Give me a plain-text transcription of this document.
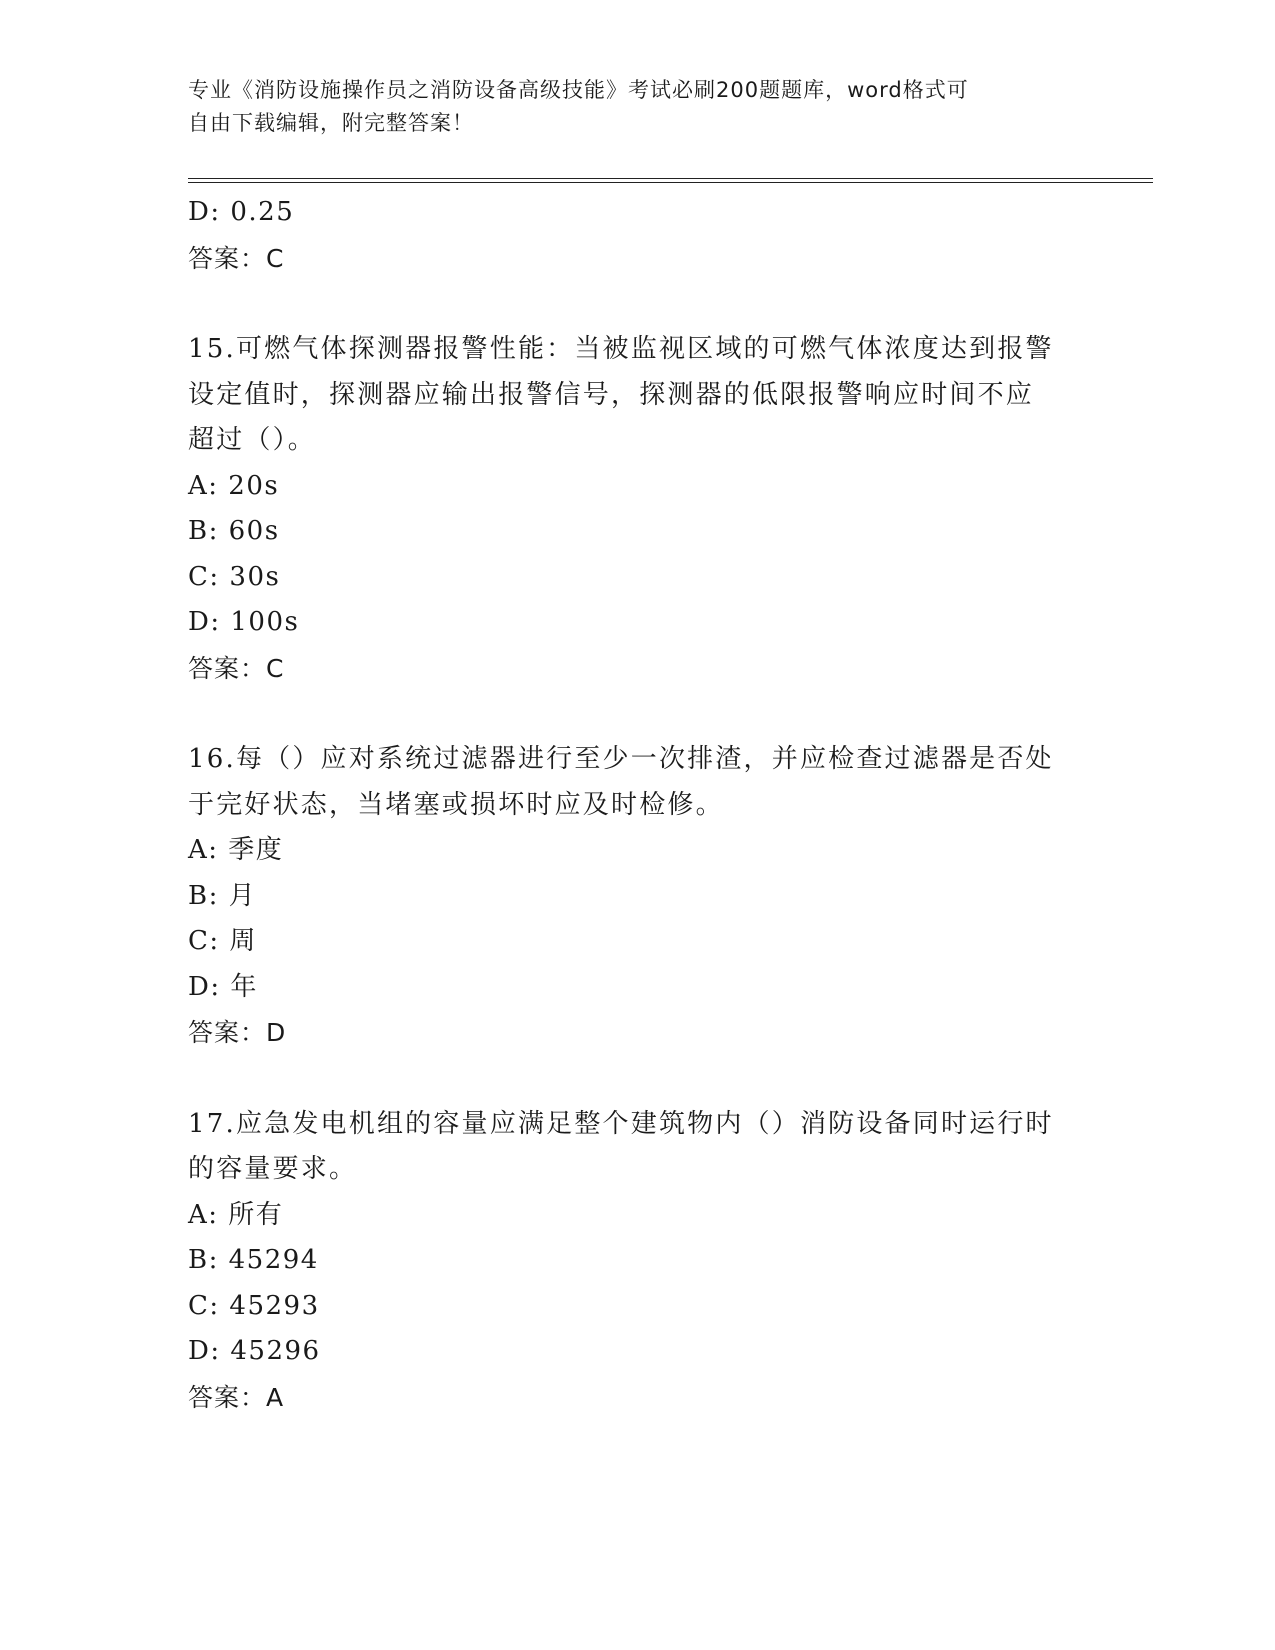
专业《消防设施操作员之消防设备高级技能》考试必刷200题题库，word格式可
自由下载编辑，附完整答案！
D: 0.25
答案：C
15.可燃气体探测器报警性能：当被监视区域的可燃气体浓度达到报警
设定值时，探测器应输出报警信号，探测器的低限报警响应时间不应
超过（）。
A: 20s
B: 60s
C: 30s
D: 100s
答案：C
16.每（）应对系统过滤器进行至少一次排渣，并应检查过滤器是否处
于完好状态，当堵塞或损坏时应及时检修。
A: 季度
B: 月
C: 周
D: 年
答案：D
17.应急发电机组的容量应满足整个建筑物内（）消防设备同时运行时
的容量要求。
A: 所有
B: 45294
C: 45293
D: 45296
答案：A
